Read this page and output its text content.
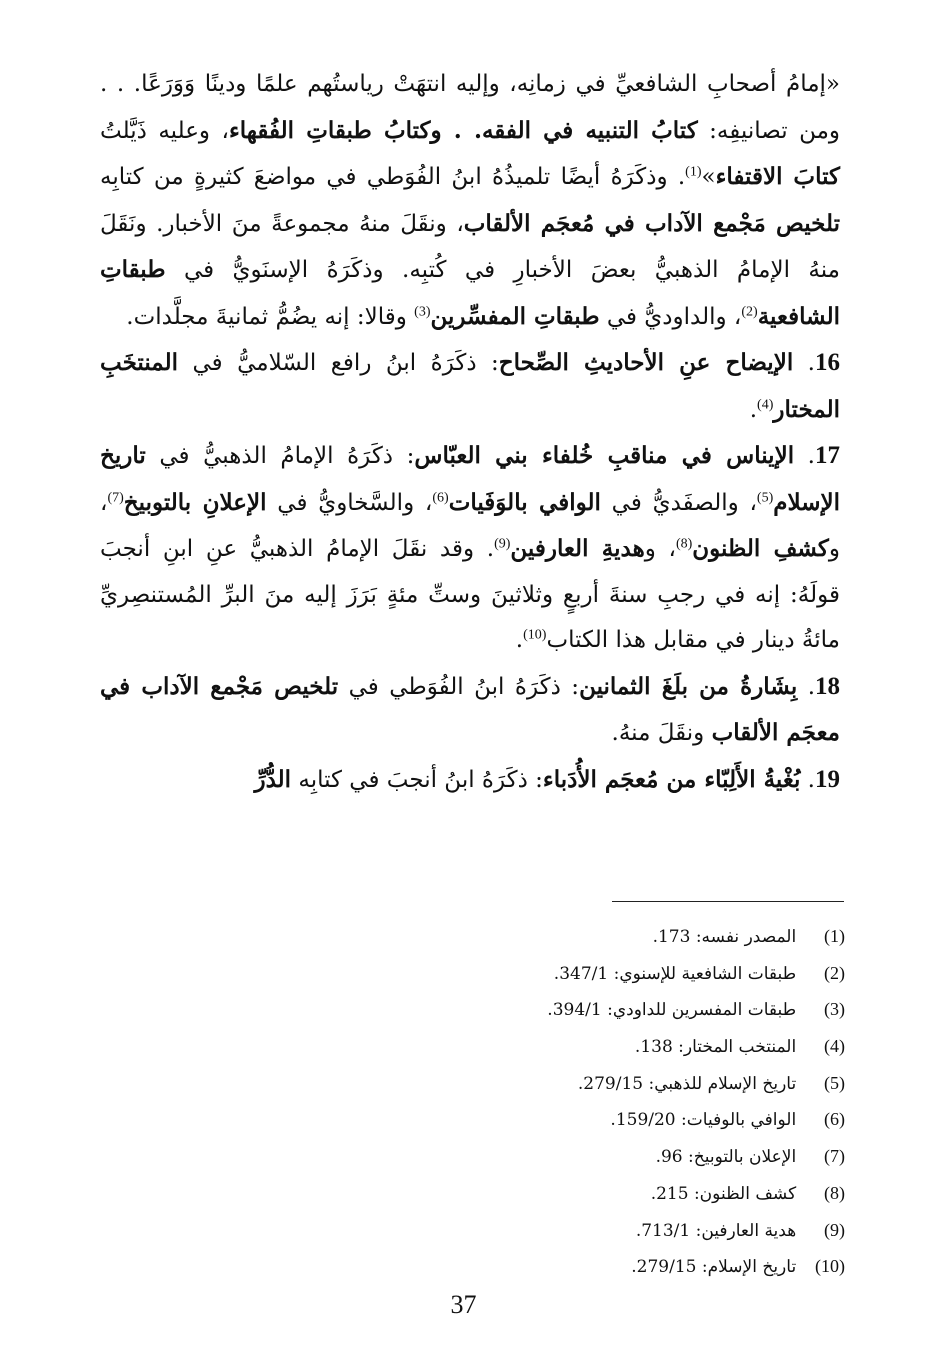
«إمامُ أصحابِ الشافعيِّ في زمانِه، وإليه انتهَتْ رياستُهم علمًا ودينًا وَوَرَعًا. . . ومن تصانيفِه: كتابُ التنبيه في الفقه. . وكتابُ طبقاتِ الفُقهاء، وعليه ذَيَّلتُ كتابَ الاقتفاء»$^{(1)}$. وذكَرَهُ أيضًا تلميذُهُ ابنُ الفُوَطي في مواضعَ كثيرةٍ من كتابِه تلخيص مَجْمع الآداب في مُعجَم الألقاب، ونقَلَ منهُ مجموعةً منَ الأخبار. ونَقَلَ منهُ الإمامُ الذهبيُّ بعضَ الأخبارِ في كُتبِه. وذكَرَهُ الإسنَويُّ في طبقاتِ الشافعية$^{(2)}$، والداوديُّ في طبقاتِ المفسِّرين$^{(3)}$ وقالا: إنه يضُمُّ ثمانيةَ مجلَّدات.

16. الإيضاح عنِ الأحاديثِ الصِّحاح: ذكَرَهُ ابنُ رافع السّلاميُّ في المنتخَبِ المختار$^{(4)}$.

17. الإيناس في مناقبِ خُلفاء بني العبّاس: ذكَرَهُ الإمامُ الذهبيُّ في تاريخ الإسلام$^{(5)}$، والصفَديُّ في الوافي بالوَفَيات$^{(6)}$، والسَّخاويُّ في الإعلانِ بالتوبيخ$^{(7)}$، وكشفِ الظنون$^{(8)}$، وهديةِ العارفين$^{(9)}$. وقد نقَلَ الإمامُ الذهبيُّ عنِ ابنِ أنجبَ قولَهُ: إنه في رجبِ سنةَ أربعٍ وثلاثينَ وستِّ مئةٍ بَرَزَ إليه منَ البرِّ المُستنصِريِّ مائةُ دينار في مقابل هذا الكتاب$^{(10)}$.

18. بِشَارةُ من بلَغَ الثمانين: ذكَرَهُ ابنُ الفُوَطي في تلخيص مَجْمع الآداب في معجَم الألقاب ونقَلَ منهُ.

19. بُغْيةُ الأَلِبّاء من مُعجَم الأُدَباء: ذكَرَهُ ابنُ أنجبَ في كتابِه الدُّرِّ

(1)  المصدر نفسه: 173.
(2)  طبقات الشافعية للإسنوي: 347/1.
(3)  طبقات المفسرين للداودي: 394/1.
(4)  المنتخب المختار: 138.
(5)  تاريخ الإسلام للذهبي: 279/15.
(6)  الوافي بالوفيات: 159/20.
(7)  الإعلان بالتوبيخ: 96.
(8)  كشف الظنون: 215.
(9)  هدية العارفين: 713/1.
(10)  تاريخ الإسلام: 279/15.
37
